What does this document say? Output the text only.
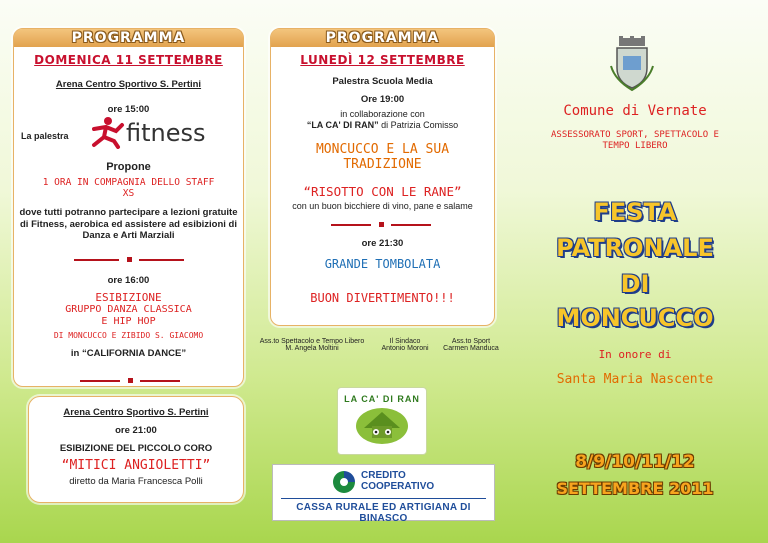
PROGRAMMA
DOMENICA 11 SETTEMBRE
Arena Centro Sportivo S. Pertini
ore 15:00
La palestra fitness
Propone
1 ORA IN COMPAGNIA DELLO STAFF XS
dove tutti potranno partecipare a lezioni gratuite di Fitness, aerobica ed assistere ad esibizioni di Danza e Arti Marziali
ore 16:00
ESIBIZIONE
GRUPPO DANZA CLASSICA
E HIP HOP
DI MONCUCCO E ZIBIDO S. GIACOMO
in “CALIFORNIA DANCE”
Arena Centro Sportivo S. Pertini
ore 21:00
ESIBIZIONE DEL PICCOLO CORO
“MITICI ANGIOLETTI”
diretto da Maria Francesca Polli
PROGRAMMA
LUNEDÌ 12 SETTEMBRE
Palestra Scuola Media
Ore 19:00
in collaborazione con
“LA CA' DI RAN” di Patrizia Comisso
MONCUCCO E LA SUA TRADIZIONE
“RISOTTO CON LE RANE”
con un buon bicchiere di vino, pane e salame
ore 21:30
GRANDE TOMBOLATA
BUON DIVERTIMENTO!!!
Ass.to Spettacolo e Tempo Libero
M. Angela Moltini
Il Sindaco
Antonio Moroni
Ass.to Sport
Carmen Manduca
LA CA' DI RAN
CREDITO
COOPERATIVO
CASSA RURALE ED ARTIGIANA DI BINASCO
Comune di Vernate
ASSESSORATO SPORT, SPETTACOLO E TEMPO LIBERO
FESTA
PATRONALE
DI
MONCUCCO
In onore di
Santa Maria Nascente
8/9/10/11/12
SETTEMBRE 2011
